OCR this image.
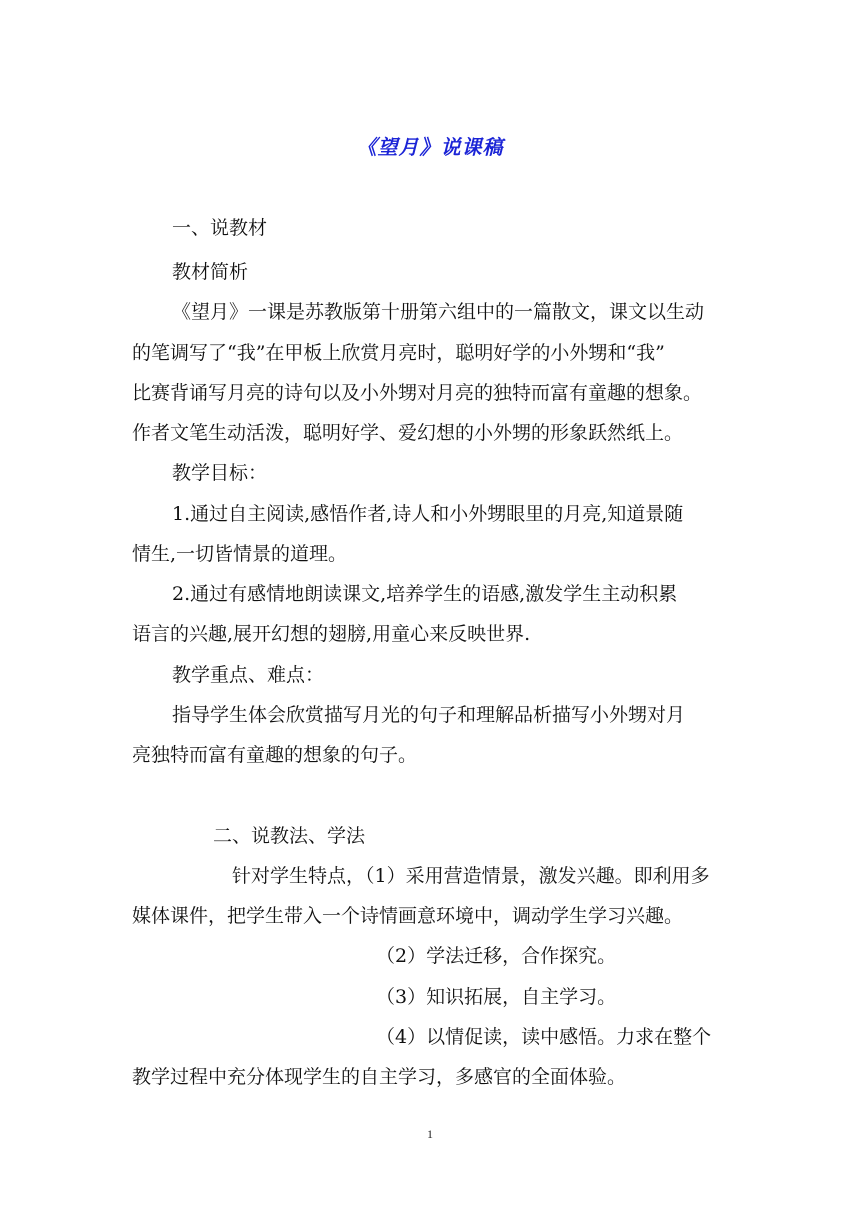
《望月》说课稿
一、说教材
教材简析
《望月》一课是苏教版第十册第六组中的一篇散文，课文以生动
的笔调写了“我”在甲板上欣赏月亮时，聪明好学的小外甥和“我”
比赛背诵写月亮的诗句以及小外甥对月亮的独特而富有童趣的想象。
作者文笔生动活泼，聪明好学、爱幻想的小外甥的形象跃然纸上。
教学目标：
1.通过自主阅读,感悟作者,诗人和小外甥眼里的月亮,知道景随
情生,一切皆情景的道理。
2.通过有感情地朗读课文,培养学生的语感,激发学生主动积累
语言的兴趣,展开幻想的翅膀,用童心来反映世界.
教学重点、难点：
指导学生体会欣赏描写月光的句子和理解品析描写小外甥对月
亮独特而富有童趣的想象的句子。
二、说教法、学法
针对学生特点，（1）采用营造情景，激发兴趣。即利用多
媒体课件，把学生带入一个诗情画意环境中，调动学生学习兴趣。
（2）学法迁移，合作探究。
（3）知识拓展，自主学习。
（4）以情促读，读中感悟。力求在整个
教学过程中充分体现学生的自主学习，多感官的全面体验。
1
